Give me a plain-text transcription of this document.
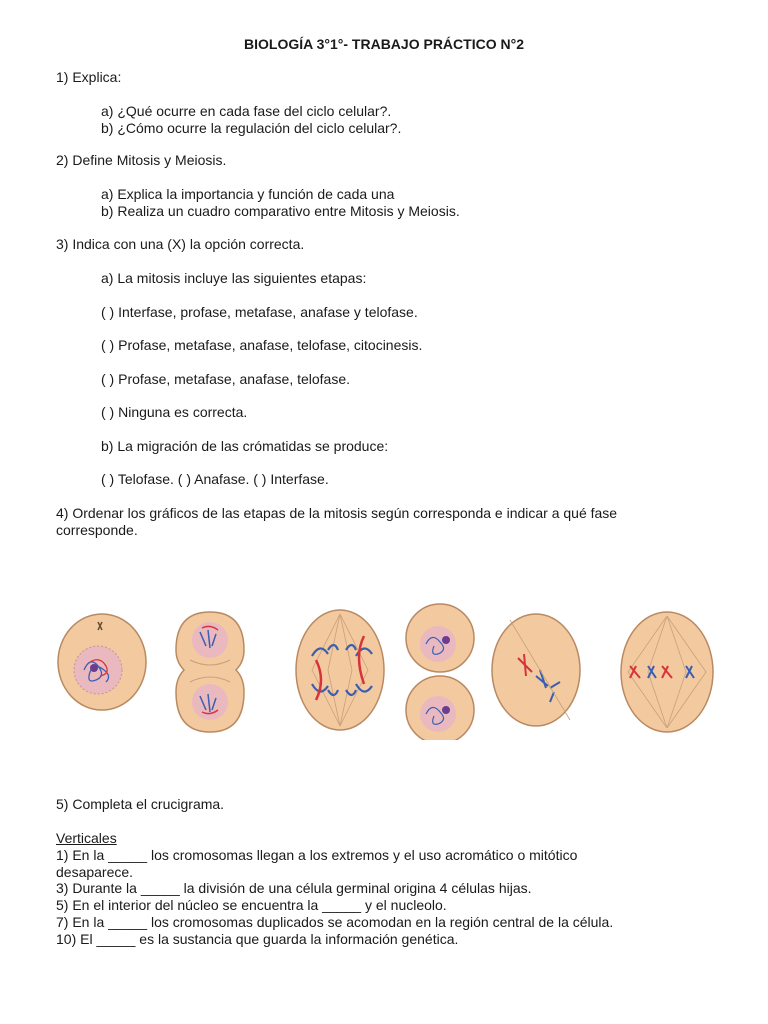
BIOLOGÍA 3°1°- TRABAJO PRÁCTICO N°2
1) Explica:
a) ¿Qué ocurre en cada fase del ciclo celular?.
b) ¿Cómo ocurre la regulación del ciclo celular?.
2) Define Mitosis y Meiosis.
a) Explica la importancia y función de cada una
b) Realiza un cuadro comparativo entre Mitosis y Meiosis.
3) Indica con una (X) la opción correcta.
a) La mitosis incluye las siguientes etapas:
( ) Interfase, profase, metafase, anafase y telofase.
( ) Profase, metafase, anafase, telofase, citocinesis.
( ) Profase, metafase, anafase, telofase.
( ) Ninguna es correcta.
b) La migración de las crómatidas se produce:
( ) Telofase. ( ) Anafase. ( ) Interfase.
4) Ordenar los gráficos de las etapas de la mitosis según corresponda e indicar a qué fase
corresponde.
5) Completa el crucigrama.
Verticales
1) En la _____ los cromosomas llegan a los extremos y el uso acromático o mitótico
desaparece.
3) Durante la _____ la división de una célula germinal origina 4 células hijas.
5) En el interior del núcleo se encuentra la _____ y el nucleolo.
7) En la _____ los cromosomas duplicados se acomodan en la región central de la célula.
10) El _____ es la sustancia que guarda la información genética.
